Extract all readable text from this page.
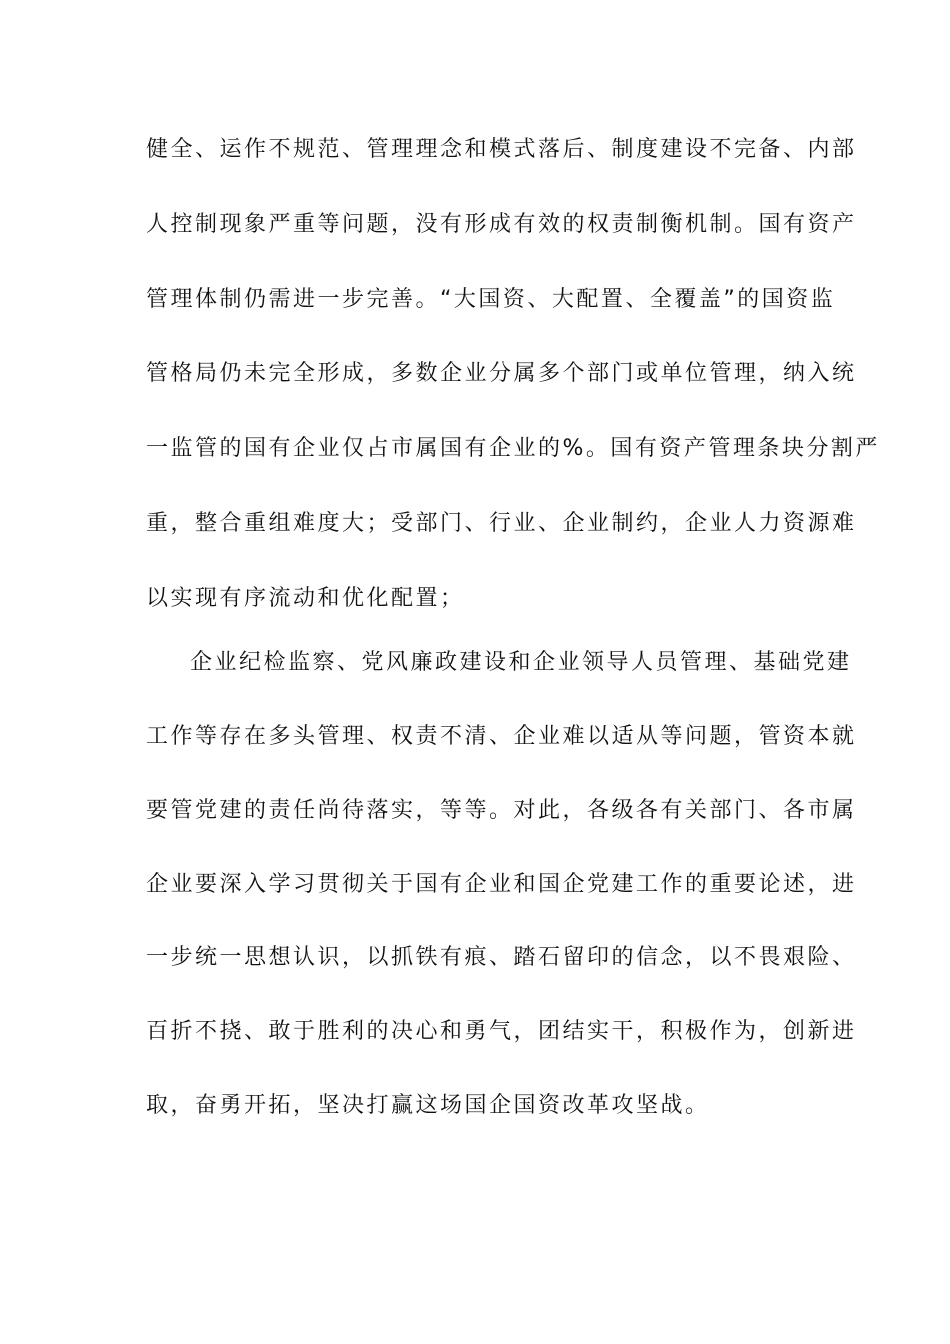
健全、运作不规范、管理理念和模式落后、制度建设不完备、内部
人控制现象严重等问题，没有形成有效的权责制衡机制。国有资产
管理体制仍需进一步完善。“大国资、大配置、全覆盖”的国资监
管格局仍未完全形成，多数企业分属多个部门或单位管理，纳入统
一监管的国有企业仅占市属国有企业的%。国有资产管理条块分割严
重，整合重组难度大；受部门、行业、企业制约，企业人力资源难
以实现有序流动和优化配置；
企业纪检监察、党风廉政建设和企业领导人员管理、基础党建
工作等存在多头管理、权责不清、企业难以适从等问题，管资本就
要管党建的责任尚待落实，等等。对此，各级各有关部门、各市属
企业要深入学习贯彻关于国有企业和国企党建工作的重要论述，进
一步统一思想认识，以抓铁有痕、踏石留印的信念，以不畏艰险、
百折不挠、敢于胜利的决心和勇气，团结实干，积极作为，创新进
取，奋勇开拓，坚决打赢这场国企国资改革攻坚战。
